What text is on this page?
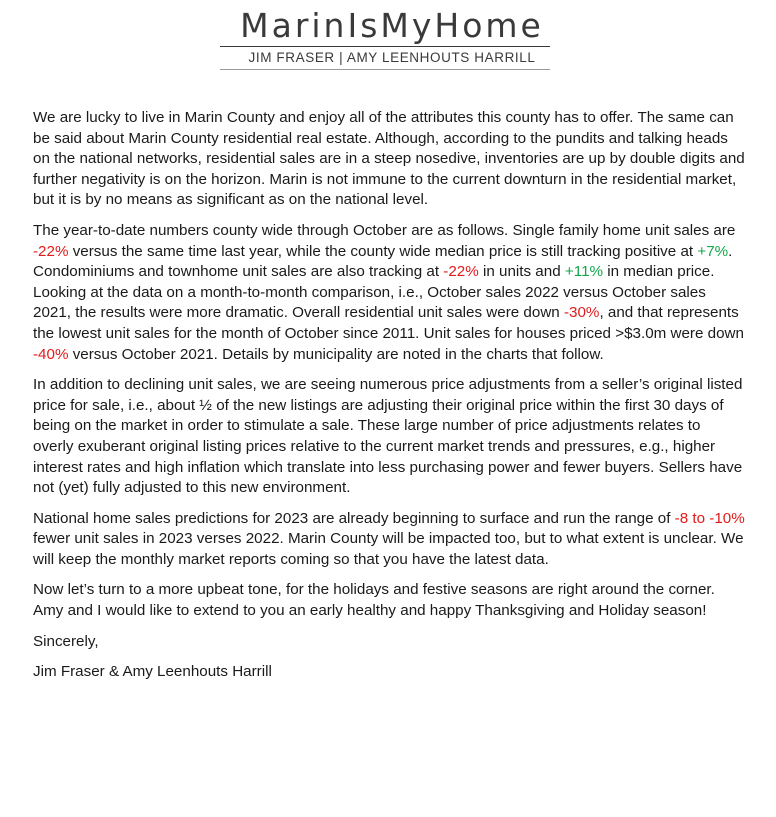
MarinIsMyHome
JIM FRASER | AMY LEENHOUTS HARRILL

We are lucky to live in Marin County and enjoy all of the attributes this county has to offer. The same can be said about Marin County residential real estate. Although, according to the pundits and talking heads on the national networks, residential sales are in a steep nosedive, inventories are up by double digits and further negativity is on the horizon. Marin is not immune to the current downturn in the residential market, but it is by no means as significant as on the national level.

The year-to-date numbers county wide through October are as follows. Single family home unit sales are -22% versus the same time last year, while the county wide median price is still tracking positive at +7%. Condominiums and townhome unit sales are also tracking at -22% in units and +11% in median price. Looking at the data on a month-to-month comparison, i.e., October sales 2022 versus October sales 2021, the results were more dramatic. Overall residential unit sales were down -30%, and that represents the lowest unit sales for the month of October since 2011. Unit sales for houses priced >$3.0m were down -40% versus October 2021. Details by municipality are noted in the charts that follow.

In addition to declining unit sales, we are seeing numerous price adjustments from a seller’s original listed price for sale, i.e., about ½ of the new listings are adjusting their original price within the first 30 days of being on the market in order to stimulate a sale. These large number of price adjustments relates to overly exuberant original listing prices relative to the current market trends and pressures, e.g., higher interest rates and high inflation which translate into less purchasing power and fewer buyers. Sellers have not (yet) fully adjusted to this new environment.

National home sales predictions for 2023 are already beginning to surface and run the range of -8 to -10% fewer unit sales in 2023 verses 2022. Marin County will be impacted too, but to what extent is unclear. We will keep the monthly market reports coming so that you have the latest data.

Now let’s turn to a more upbeat tone, for the holidays and festive seasons are right around the corner. Amy and I would like to extend to you an early healthy and happy Thanksgiving and Holiday season!

Sincerely,

Jim Fraser & Amy Leenhouts Harrill
